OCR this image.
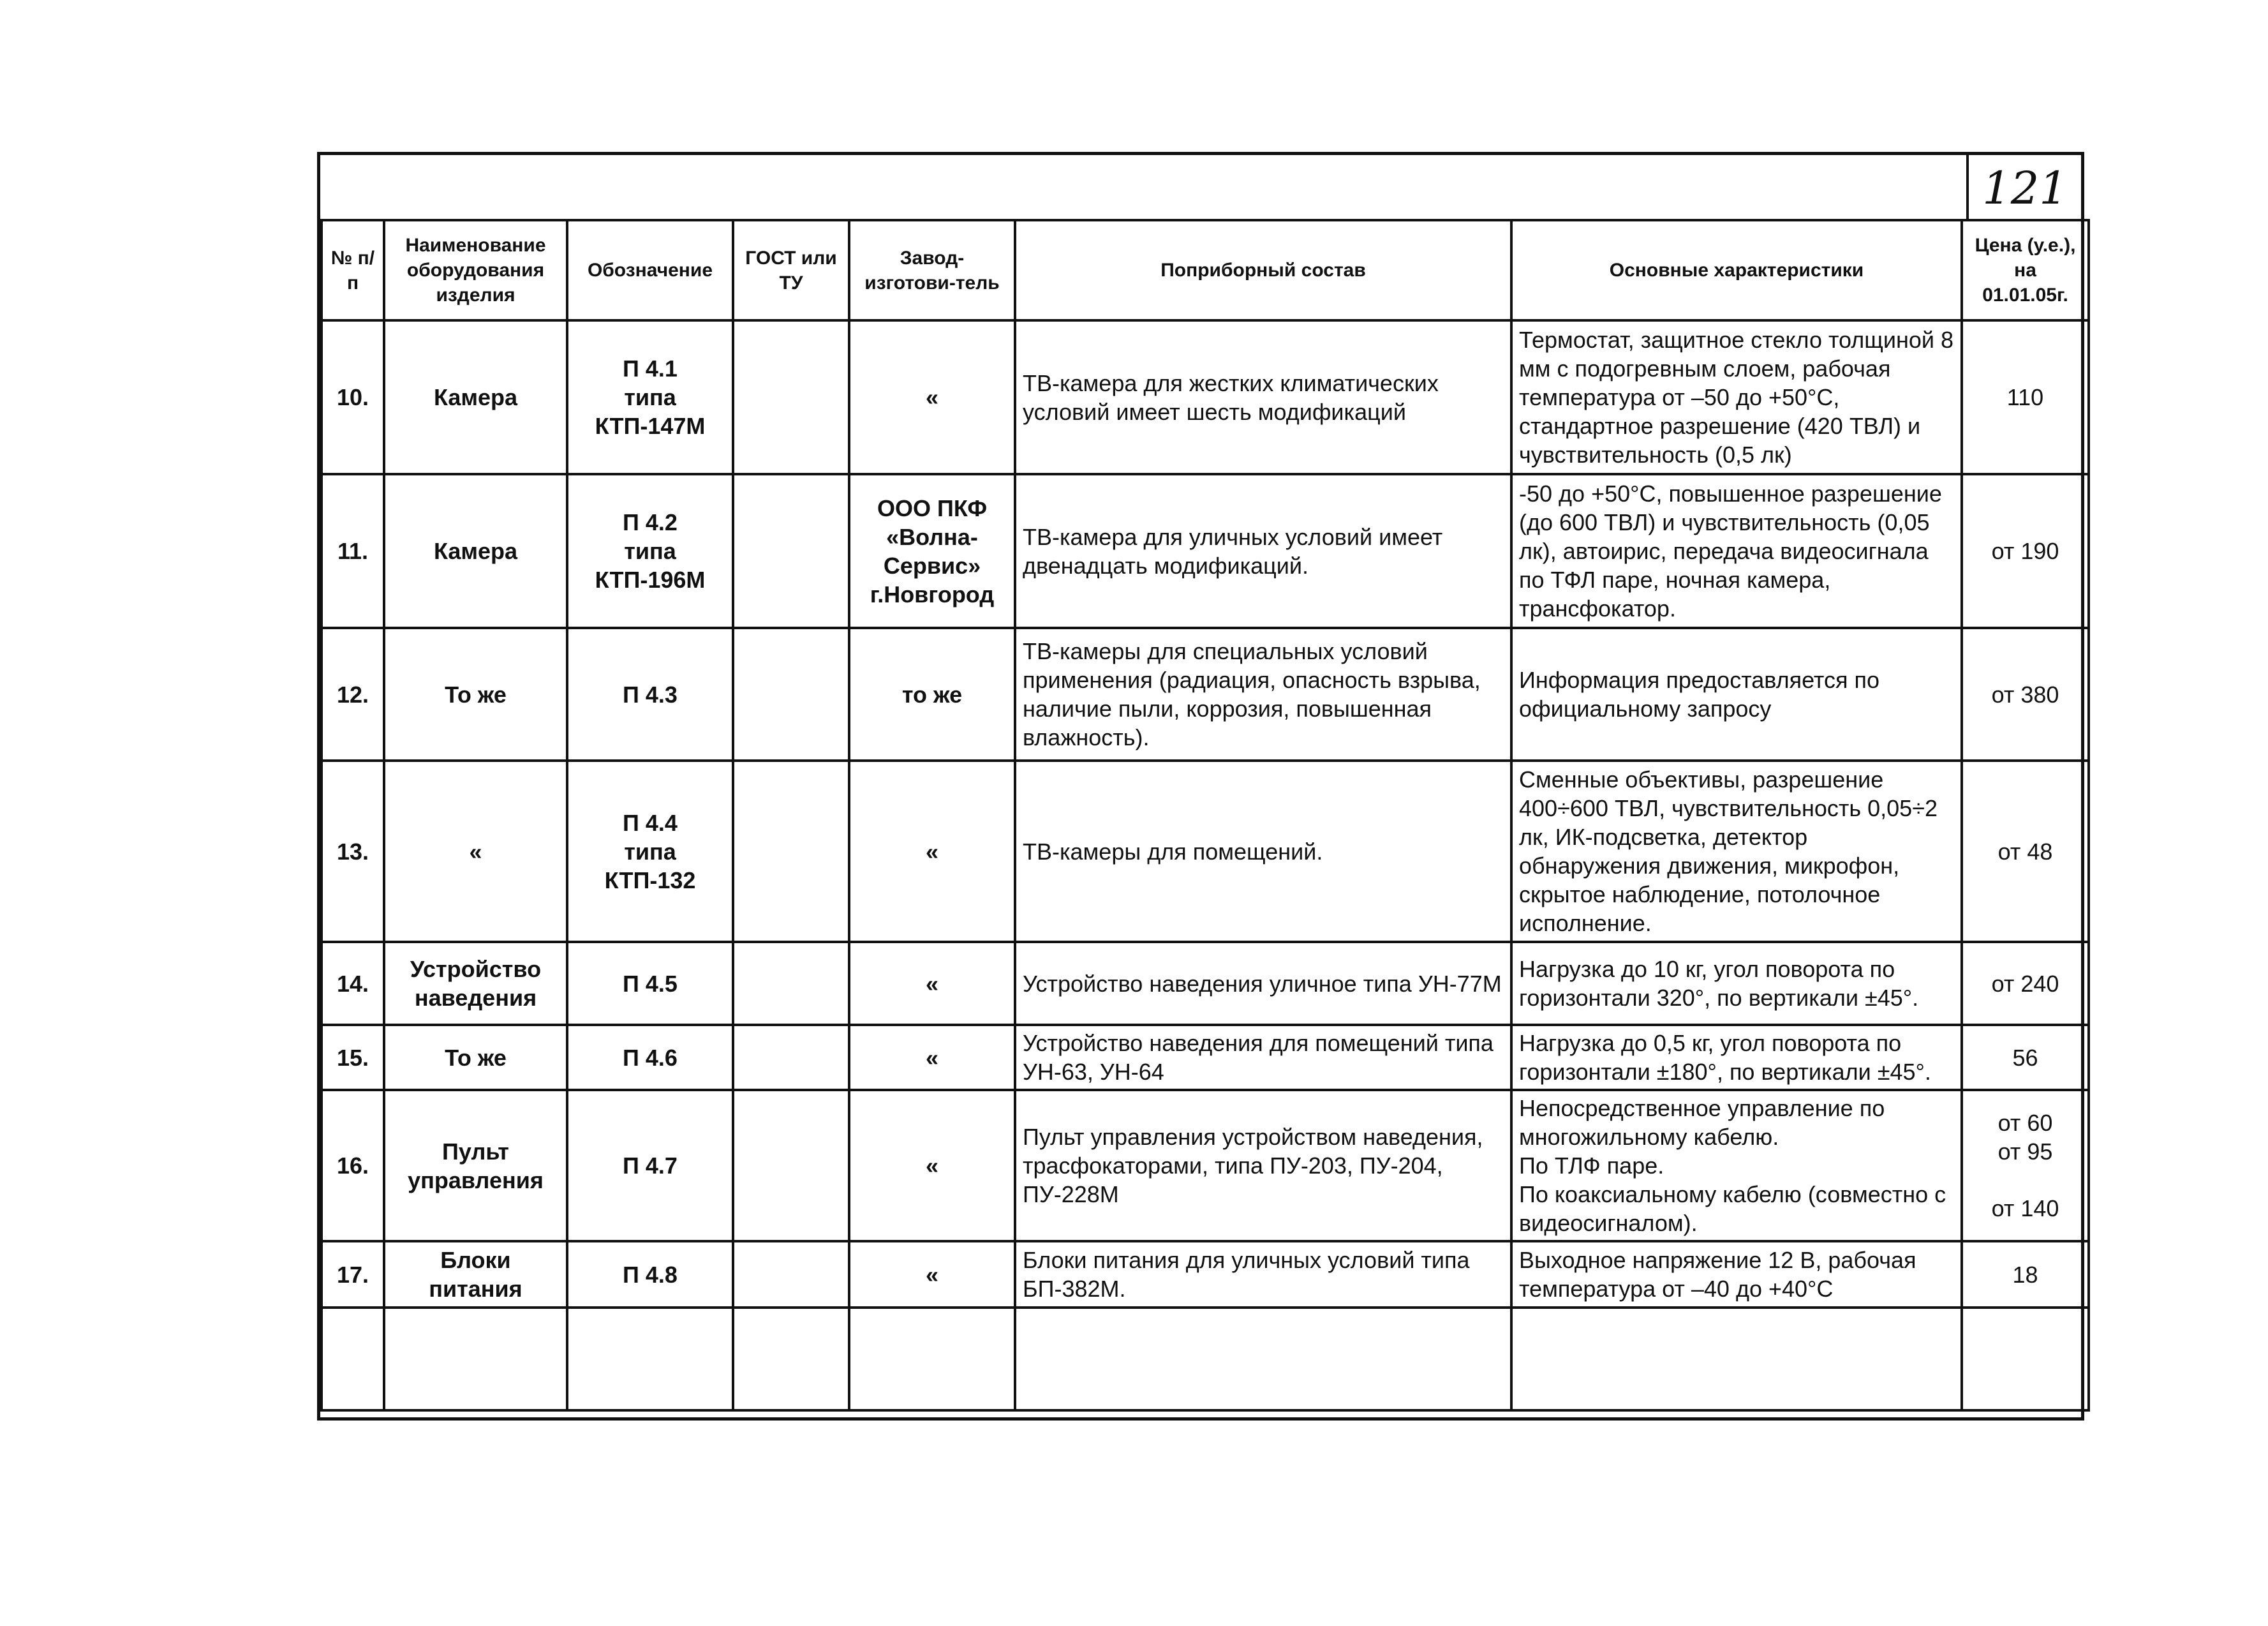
121
№ п/п	Наименование оборудования изделия	Обозначение	ГОСТ или ТУ	Завод-изготови-тель	Поприборный состав	Основные характеристики	Цена (у.е.), на 01.01.05г.
10.	Камера	П 4.1
типа
КТП-147М		«	ТВ-камера для жестких климатических условий имеет шесть модификаций	Термостат, защитное стекло толщиной 8 мм с подогревным слоем, рабочая температура от –50 до +50°С, стандартное разрешение (420 ТВЛ) и чувствительность (0,5 лк)	110

11.	Камера	П 4.2
типа
КТП-196М		ООО ПКФ «Волна-Сервис» г.Новгород	ТВ-камера для уличных условий имеет двенадцать модификаций.	-50 до +50°С, повышенное разрешение (до 600 ТВЛ) и чувствительность (0,05 лк), автоирис, передача видеосигнала по ТФЛ паре, ночная камера, трансфокатор.	от 190

12.	То же	П 4.3		то же	ТВ-камеры для специальных условий применения (радиация, опасность взрыва, наличие пыли, коррозия, повышенная влажность).	Информация предоставляется по официальному запросу	от 380

13.	«	П 4.4
типа
КТП-132		«	ТВ-камеры для помещений.	Сменные объективы, разрешение 400÷600 ТВЛ, чувствительность 0,05÷2 лк, ИК-подсветка, детектор обнаружения движения, микрофон, скрытое наблюдение, потолочное исполнение.	от 48

14.	Устройство наведения	П 4.5		«	Устройство наведения уличное типа УН-77М	Нагрузка до 10 кг, угол поворота по горизонтали 320°, по вертикали ±45°.	от 240

15.	То же	П 4.6		«	Устройство наведения для помещений типа УН-63, УН-64	Нагрузка до 0,5 кг, угол поворота по горизонтали ±180°, по вертикали ±45°.	56

16.	Пульт управления	П 4.7		«	Пульт управления устройством наведения, трасфокаторами, типа ПУ-203, ПУ-204, ПУ-228М	Непосредственное управление по многожильному кабелю.
По ТЛФ паре.
По коаксиальному кабелю (совместно с видеосигналом).	от 60
от 95
от 140

17.	Блоки питания	П 4.8		«	Блоки питания для уличных условий типа БП-382М.	Выходное напряжение 12 В, рабочая температура от –40 до +40°С	18
